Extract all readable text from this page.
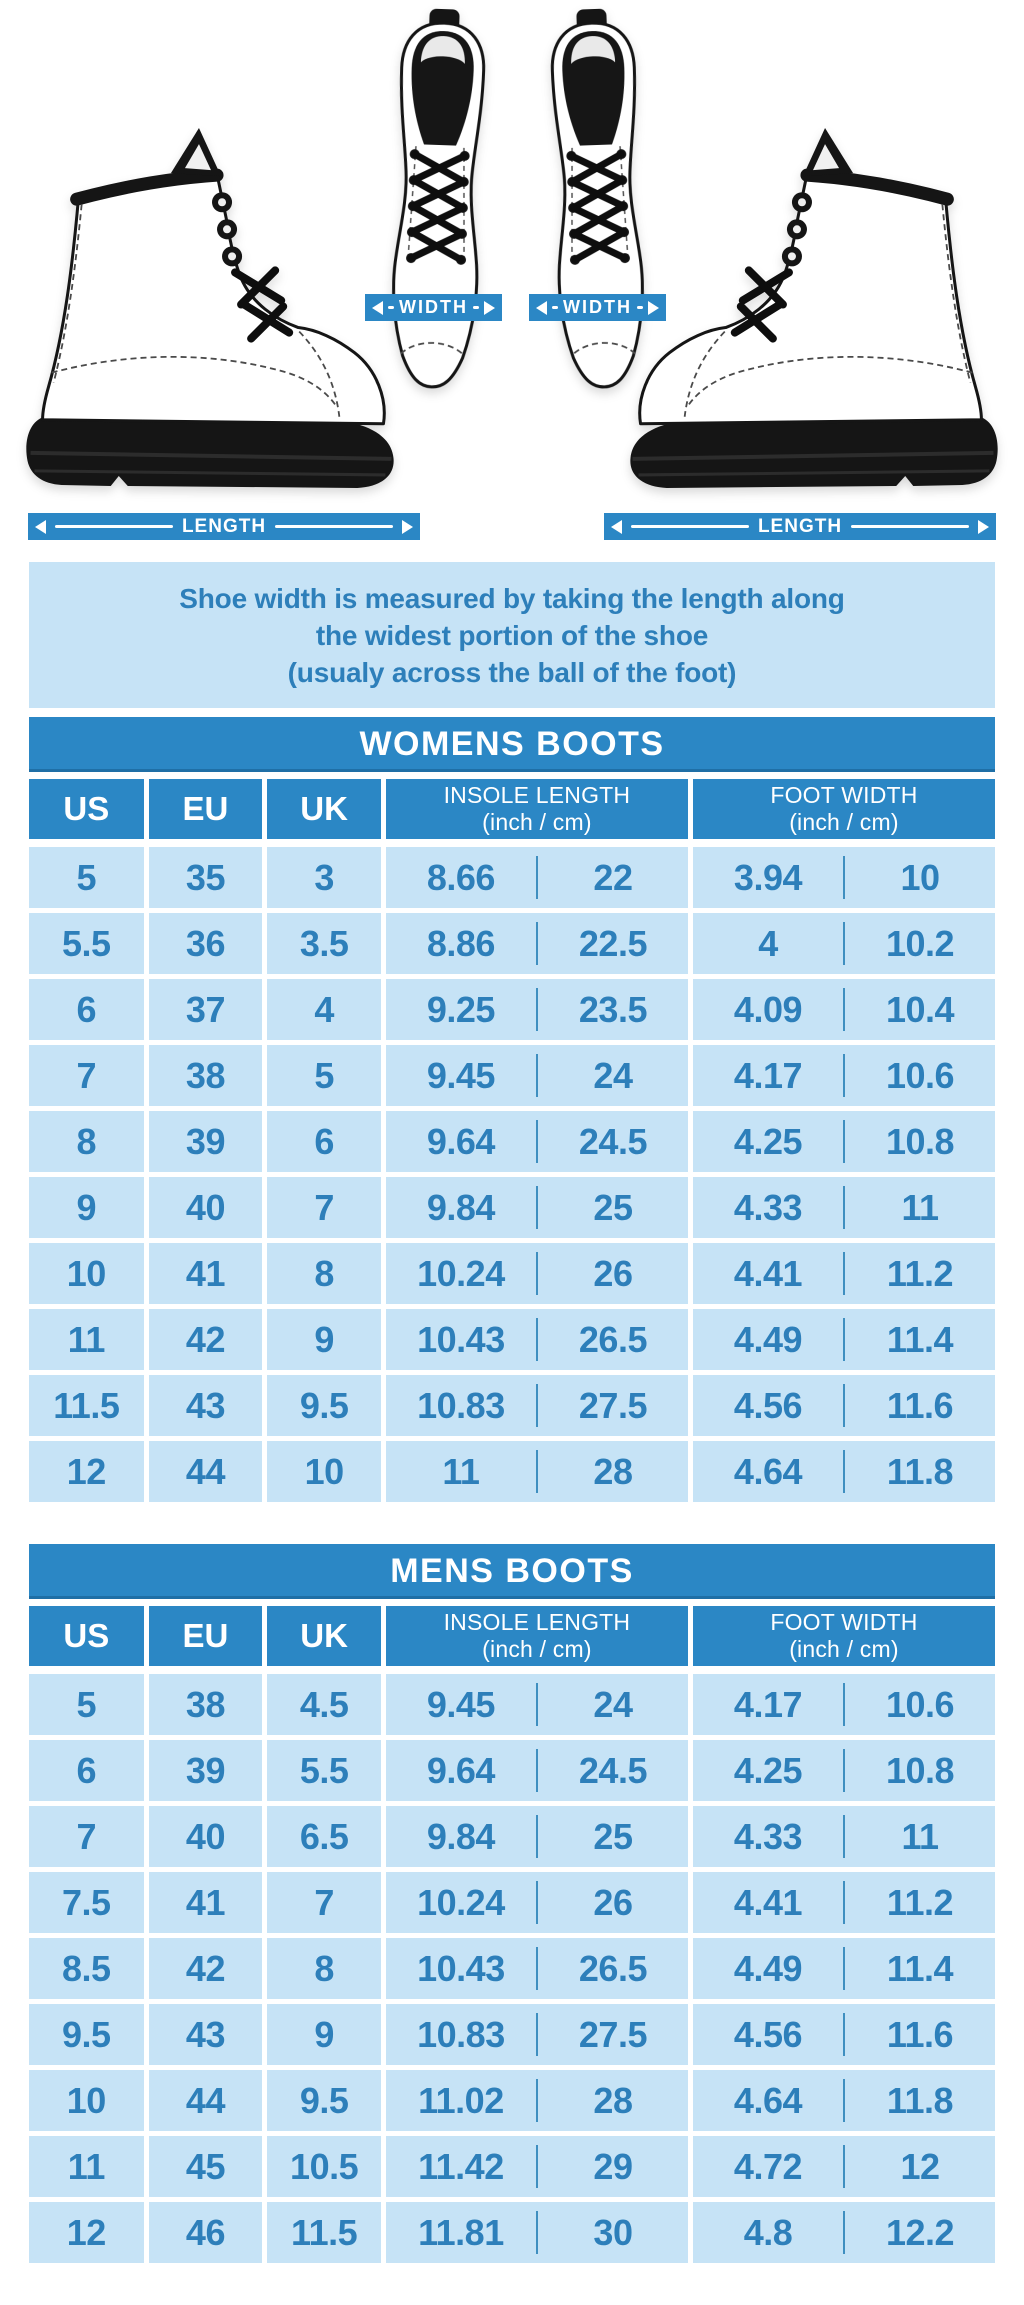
WIDTH	WIDTH
LENGTH	LENGTH
Shoe width is measured by taking the length along
the widest portion of the shoe
(usualy across the ball of the foot)
WOMENS BOOTS
US	EU	UK	INSOLE LENGTH
(inch / cm)
FOOT WIDTH
(inch / cm)
5	35	3	8.66	22	3.94	10
5.5	36	3.5	8.86	22.5	4	10.2
6	37	4	9.25	23.5	4.09	10.4
7	38	5	9.45	24	4.17	10.6
8	39	6	9.64	24.5	4.25	10.8
9	40	7	9.84	25	4.33	11
10	41	8	10.24	26	4.41	11.2
11	42	9	10.43	26.5	4.49	11.4
11.5	43	9.5	10.83	27.5	4.56	11.6
12	44	10	11	28	4.64	11.8
MENS BOOTS
US	EU	UK	INSOLE LENGTH
(inch / cm)
FOOT WIDTH
(inch / cm)
5	38	4.5	9.45	24	4.17	10.6
6	39	5.5	9.64	24.5	4.25	10.8
7	40	6.5	9.84	25	4.33	11
7.5	41	7	10.24	26	4.41	11.2
8.5	42	8	10.43	26.5	4.49	11.4
9.5	43	9	10.83	27.5	4.56	11.6
10	44	9.5	11.02	28	4.64	11.8
11	45	10.5	11.42	29	4.72	12
12	46	11.5	11.81	30	4.8	12.2
